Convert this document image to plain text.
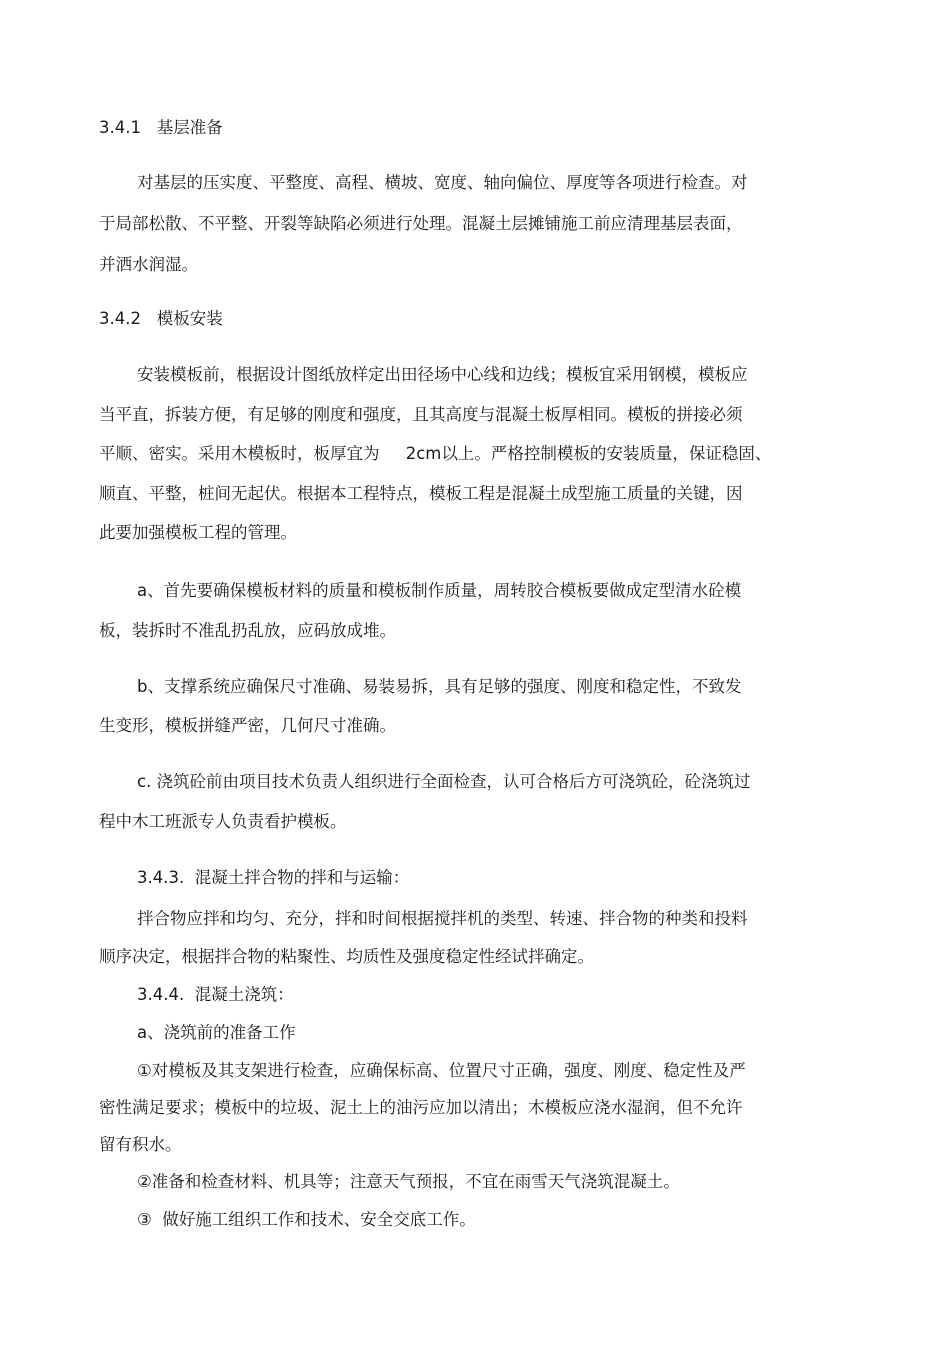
3.4.1   基层准备
对基层的压实度、平整度、高程、横坡、宽度、轴向偏位、厚度等各项进行检查。对
于局部松散、不平整、开裂等缺陷必须进行处理。混凝土层摊铺施工前应清理基层表面，
并洒水润湿。
3.4.2   模板安装
安装模板前，根据设计图纸放样定出田径场中心线和边线；模板宜采用钢模，模板应
当平直，拆装方便，有足够的刚度和强度，且其高度与混凝土板厚相同。模板的拼接必须
平顺、密实。采用木模板时，板厚宜为     2cm以上。严格控制模板的安装质量，保证稳固、
顺直、平整，桩间无起伏。根据本工程特点，模板工程是混凝土成型施工质量的关键，因
此要加强模板工程的管理。
a、首先要确保模板材料的质量和模板制作质量，周转胶合模板要做成定型清水砼模
板，装拆时不准乱扔乱放，应码放成堆。
b、支撑系统应确保尺寸准确、易装易拆，具有足够的强度、刚度和稳定性，不致发
生变形，模板拼缝严密，几何尺寸准确。
c. 浇筑砼前由项目技术负责人组织进行全面检查，认可合格后方可浇筑砼，砼浇筑过
程中木工班派专人负责看护模板。
3.4.3.  混凝土拌合物的拌和与运输：
拌合物应拌和均匀、充分，拌和时间根据搅拌机的类型、转速、拌合物的种类和投料
顺序决定，根据拌合物的粘聚性、均质性及强度稳定性经试拌确定。
3.4.4.  混凝土浇筑：
a、浇筑前的准备工作
①对模板及其支架进行检查，应确保标高、位置尺寸正确，强度、刚度、稳定性及严
密性满足要求；模板中的垃圾、泥土上的油污应加以清出；木模板应浇水湿润，但不允许
留有积水。
②准备和检查材料、机具等；注意天气预报，不宜在雨雪天气浇筑混凝土。
③  做好施工组织工作和技术、安全交底工作。
